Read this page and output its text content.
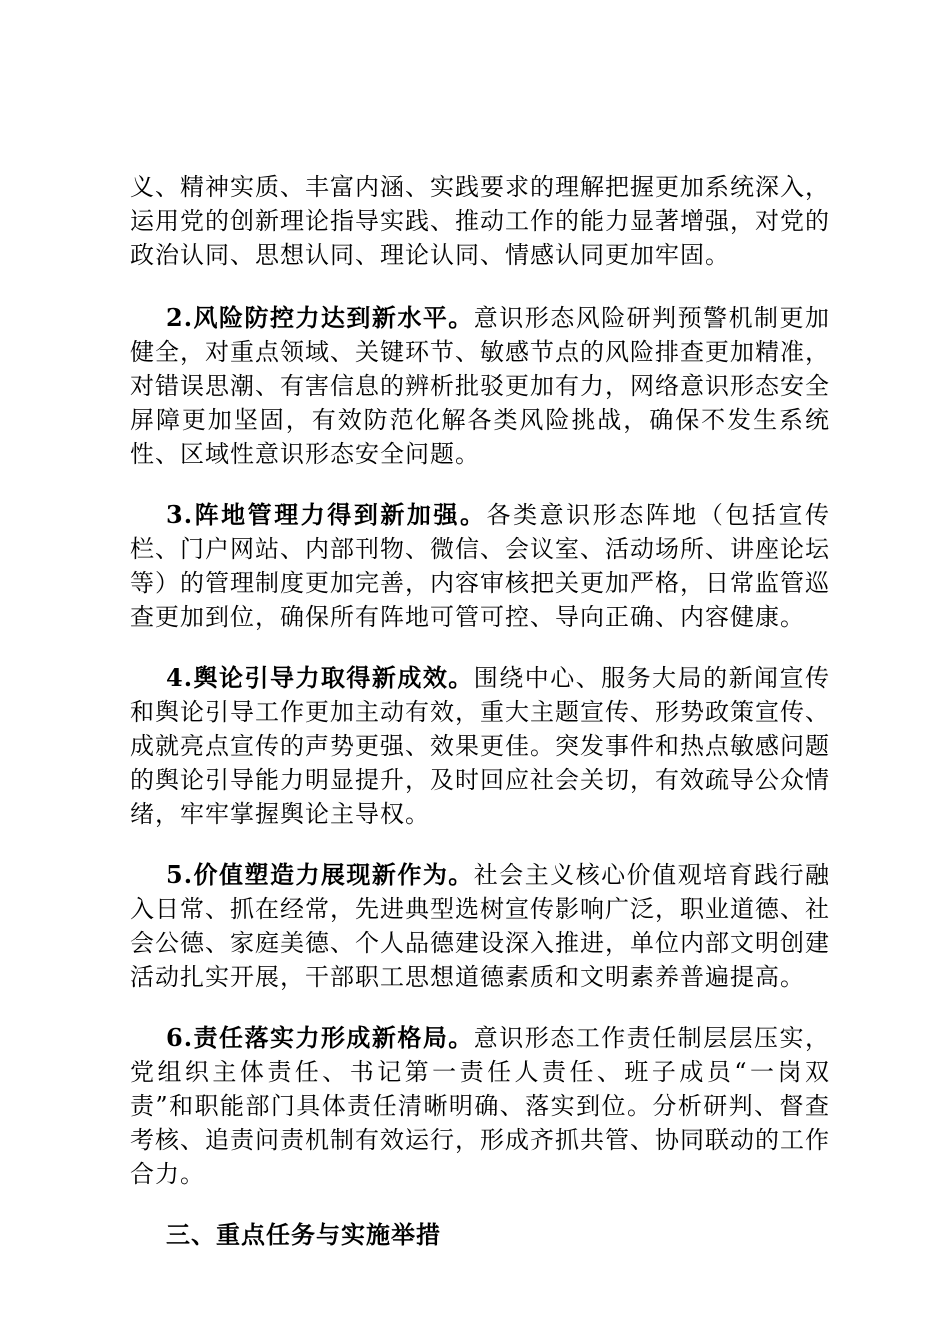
义、精神实质、丰富内涵、实践要求的理解把握更加系统深入，运用党的创新理论指导实践、推动工作的能力显著增强，对党的政治认同、思想认同、理论认同、情感认同更加牢固。

2.风险防控力达到新水平。意识形态风险研判预警机制更加健全，对重点领域、关键环节、敏感节点的风险排查更加精准，对错误思潮、有害信息的辨析批驳更加有力，网络意识形态安全屏障更加坚固，有效防范化解各类风险挑战，确保不发生系统性、区域性意识形态安全问题。

3.阵地管理力得到新加强。各类意识形态阵地（包括宣传栏、门户网站、内部刊物、微信、会议室、活动场所、讲座论坛等）的管理制度更加完善，内容审核把关更加严格，日常监管巡查更加到位，确保所有阵地可管可控、导向正确、内容健康。

4.舆论引导力取得新成效。围绕中心、服务大局的新闻宣传和舆论引导工作更加主动有效，重大主题宣传、形势政策宣传、成就亮点宣传的声势更强、效果更佳。突发事件和热点敏感问题的舆论引导能力明显提升，及时回应社会关切，有效疏导公众情绪，牢牢掌握舆论主导权。

5.价值塑造力展现新作为。社会主义核心价值观培育践行融入日常、抓在经常，先进典型选树宣传影响广泛，职业道德、社会公德、家庭美德、个人品德建设深入推进，单位内部文明创建活动扎实开展，干部职工思想道德素质和文明素养普遍提高。

6.责任落实力形成新格局。意识形态工作责任制层层压实，党组织主体责任、书记第一责任人责任、班子成员“一岗双责”和职能部门具体责任清晰明确、落实到位。分析研判、督查考核、追责问责机制有效运行，形成齐抓共管、协同联动的工作合力。

三、重点任务与实施举措
